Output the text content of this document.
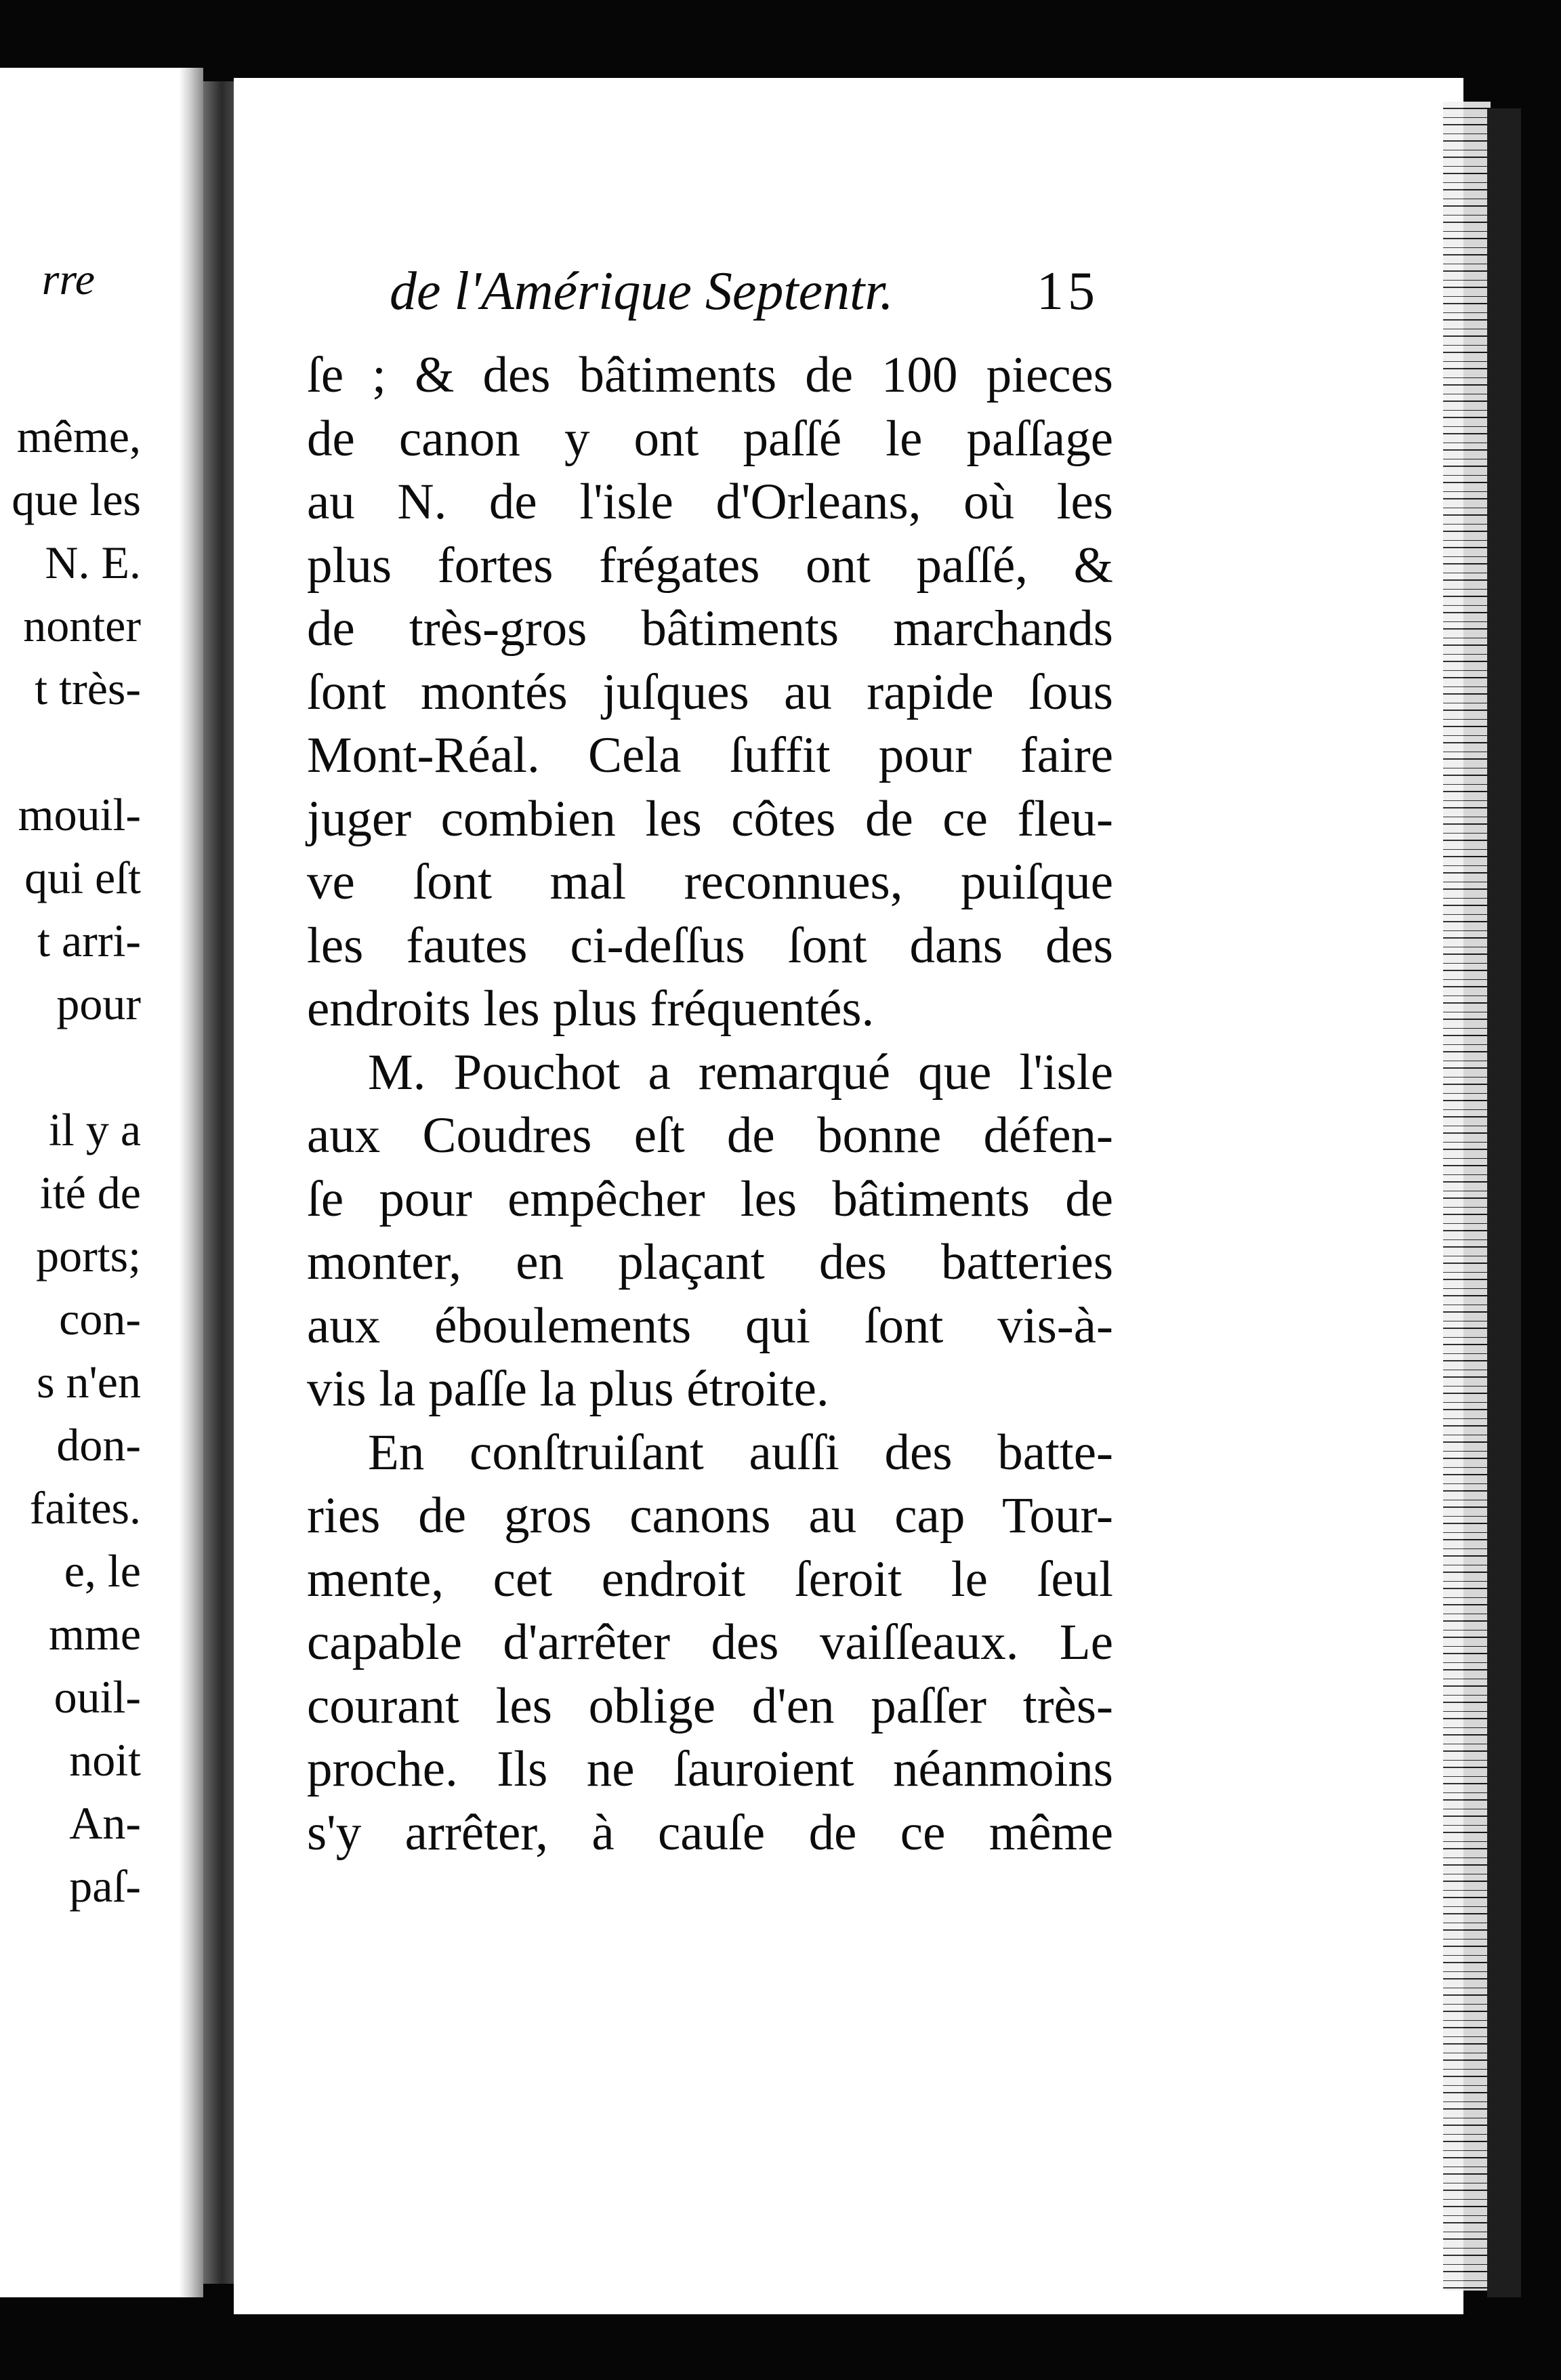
rre
même,
que les
N. E.
nonter
t très-
mouil-
qui eſt
t arri-
pour
il y a
ité de
ports;
con-
s n'en
don-
faites.
e, le
mme
ouil-
noit
An-
paſ-
de l'Amérique Septentr.	15
ſe ; & des bâtiments de 100 pieces
de canon y ont paſſé le paſſage
au N. de l'isle d'Orleans, où les
plus fortes frégates ont paſſé, &
de très-gros bâtiments marchands
ſont montés juſques au rapide ſous
Mont-Réal. Cela ſuffit pour faire
juger combien les côtes de ce fleu-
ve ſont mal reconnues, puiſque
les fautes ci-deſſus ſont dans des
endroits les plus fréquentés.
M. Pouchot a remarqué que l'isle
aux Coudres eſt de bonne défen-
ſe pour empêcher les bâtiments de
monter, en plaçant des batteries
aux éboulements qui ſont vis-à-
vis la paſſe la plus étroite.
En conſtruiſant auſſi des batte-
ries de gros canons au cap Tour-
mente, cet endroit ſeroit le ſeul
capable d'arrêter des vaiſſeaux. Le
courant les oblige d'en paſſer très-
proche. Ils ne ſauroient néanmoins
s'y arrêter, à cauſe de ce même
